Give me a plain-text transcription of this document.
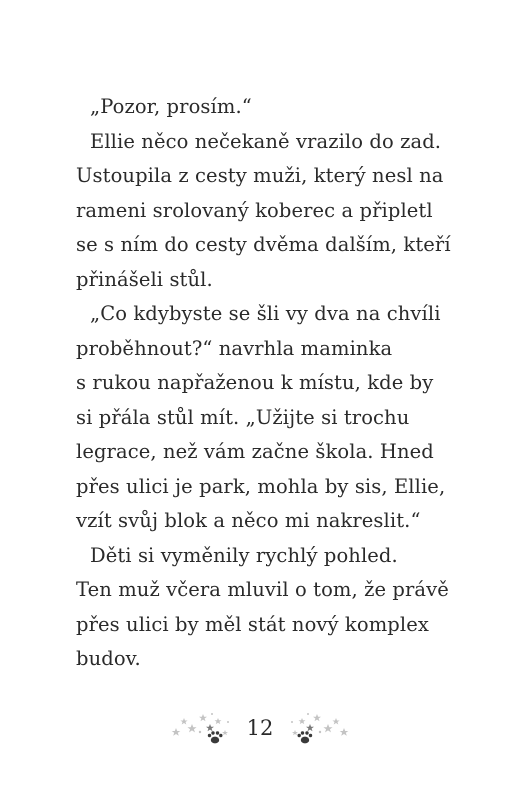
„Pozor, prosím.“
Ellie něco nečekaně vrazilo do zad.
Ustoupila z cesty muži, který nesl na
rameni srolovaný koberec a připletl
se s ním do cesty dvěma dalším, kteří
přinášeli stůl.
„Co kdybyste se šli vy dva na chvíli
proběhnout?“ navrhla maminka
s rukou napřaženou k místu, kde by
si přála stůl mít. „Užijte si trochu
legrace, než vám začne škola. Hned
přes ulici je park, mohla by sis, Ellie,
vzít svůj blok a něco mi nakreslit.“
Děti si vyměnily rychlý pohled.
Ten muž včera mluvil o tom, že právě
přes ulici by měl stát nový komplex
budov.
12
